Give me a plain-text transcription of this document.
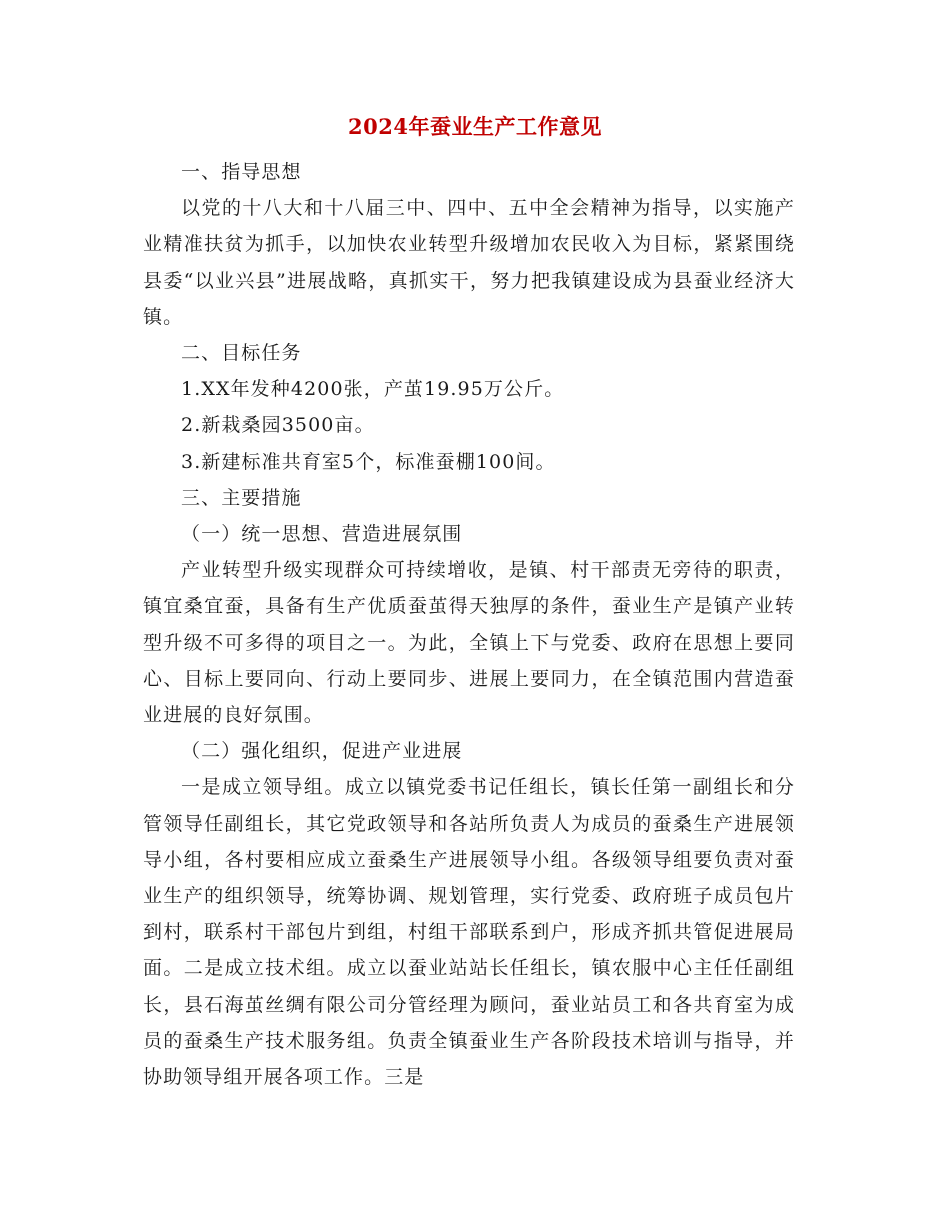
2024年蚕业生产工作意见

一、指导思想

以党的十八大和十八届三中、四中、五中全会精神为指导，以实施产业精准扶贫为抓手，以加快农业转型升级增加农民收入为目标，紧紧围绕县委“以业兴县”进展战略，真抓实干，努力把我镇建设成为县蚕业经济大镇。

二、目标任务

1.XX年发种4200张，产茧19.95万公斤。

2.新栽桑园3500亩。

3.新建标准共育室5个，标准蚕棚100间。

三、主要措施

（一）统一思想、营造进展氛围

产业转型升级实现群众可持续增收，是镇、村干部责无旁待的职责，镇宜桑宜蚕，具备有生产优质蚕茧得天独厚的条件，蚕业生产是镇产业转型升级不可多得的项目之一。为此，全镇上下与党委、政府在思想上要同心、目标上要同向、行动上要同步、进展上要同力，在全镇范围内营造蚕业进展的良好氛围。

（二）强化组织，促进产业进展

一是成立领导组。成立以镇党委书记任组长，镇长任第一副组长和分管领导任副组长，其它党政领导和各站所负责人为成员的蚕桑生产进展领导小组，各村要相应成立蚕桑生产进展领导小组。各级领导组要负责对蚕业生产的组织领导，统筹协调、规划管理，实行党委、政府班子成员包片到村，联系村干部包片到组，村组干部联系到户，形成齐抓共管促进展局面。二是成立技术组。成立以蚕业站站长任组长，镇农服中心主任任副组长，县石海茧丝绸有限公司分管经理为顾问，蚕业站员工和各共育室为成员的蚕桑生产技术服务组。负责全镇蚕业生产各阶段技术培训与指导，并协助领导组开展各项工作。三是
